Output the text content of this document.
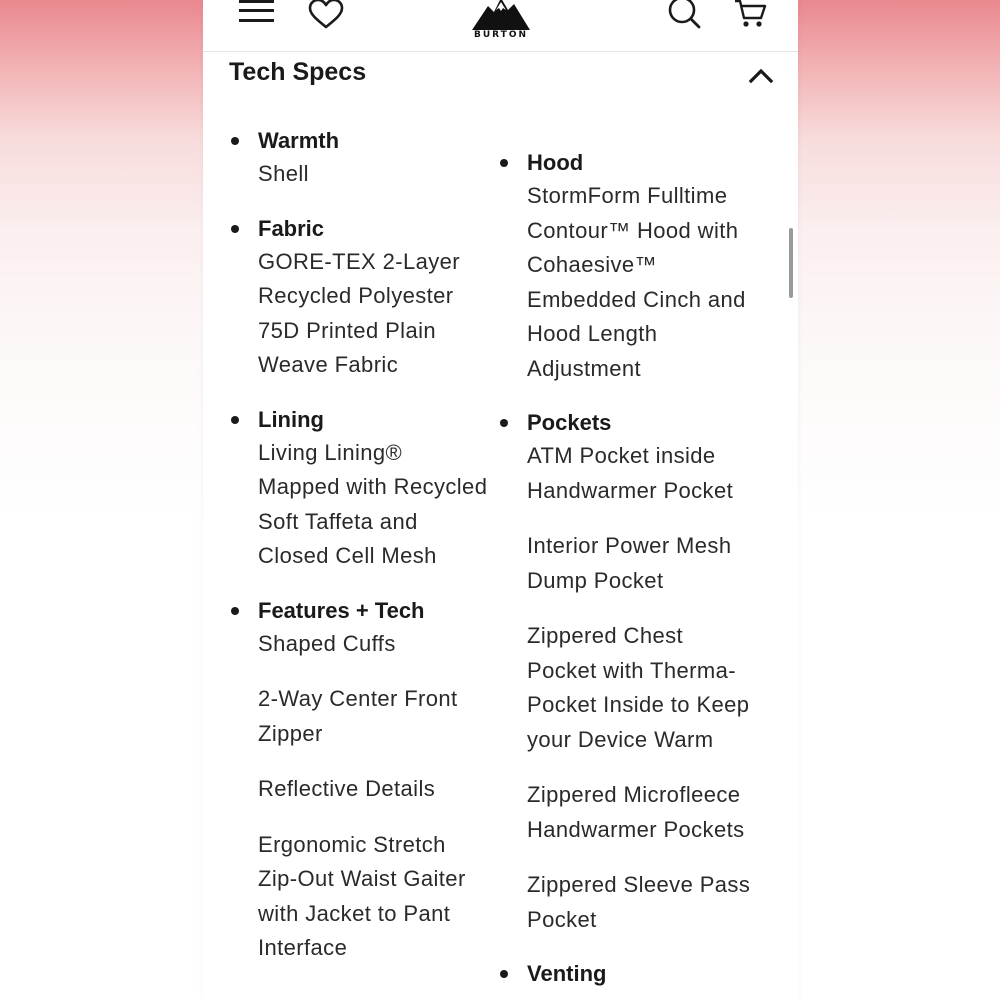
BURTON
Tech Specs
Warmth
Shell
Fabric
GORE-TEX 2-Layer
Recycled Polyester
75D Printed Plain
Weave Fabric
Lining
Living Lining®
Mapped with Recycled
Soft Taffeta and
Closed Cell Mesh
Features + Tech
Shaped Cuffs
2-Way Center Front
Zipper
Reflective Details
Ergonomic Stretch
Zip-Out Waist Gaiter
with Jacket to Pant
Interface
Hood
StormForm Fulltime
Contour™ Hood with
Cohaesive™
Embedded Cinch and
Hood Length
Adjustment
Pockets
ATM Pocket inside
Handwarmer Pocket
Interior Power Mesh
Dump Pocket
Zippered Chest
Pocket with Therma-
Pocket Inside to Keep
your Device Warm
Zippered Microfleece
Handwarmer Pockets
Zippered Sleeve Pass
Pocket
Venting
